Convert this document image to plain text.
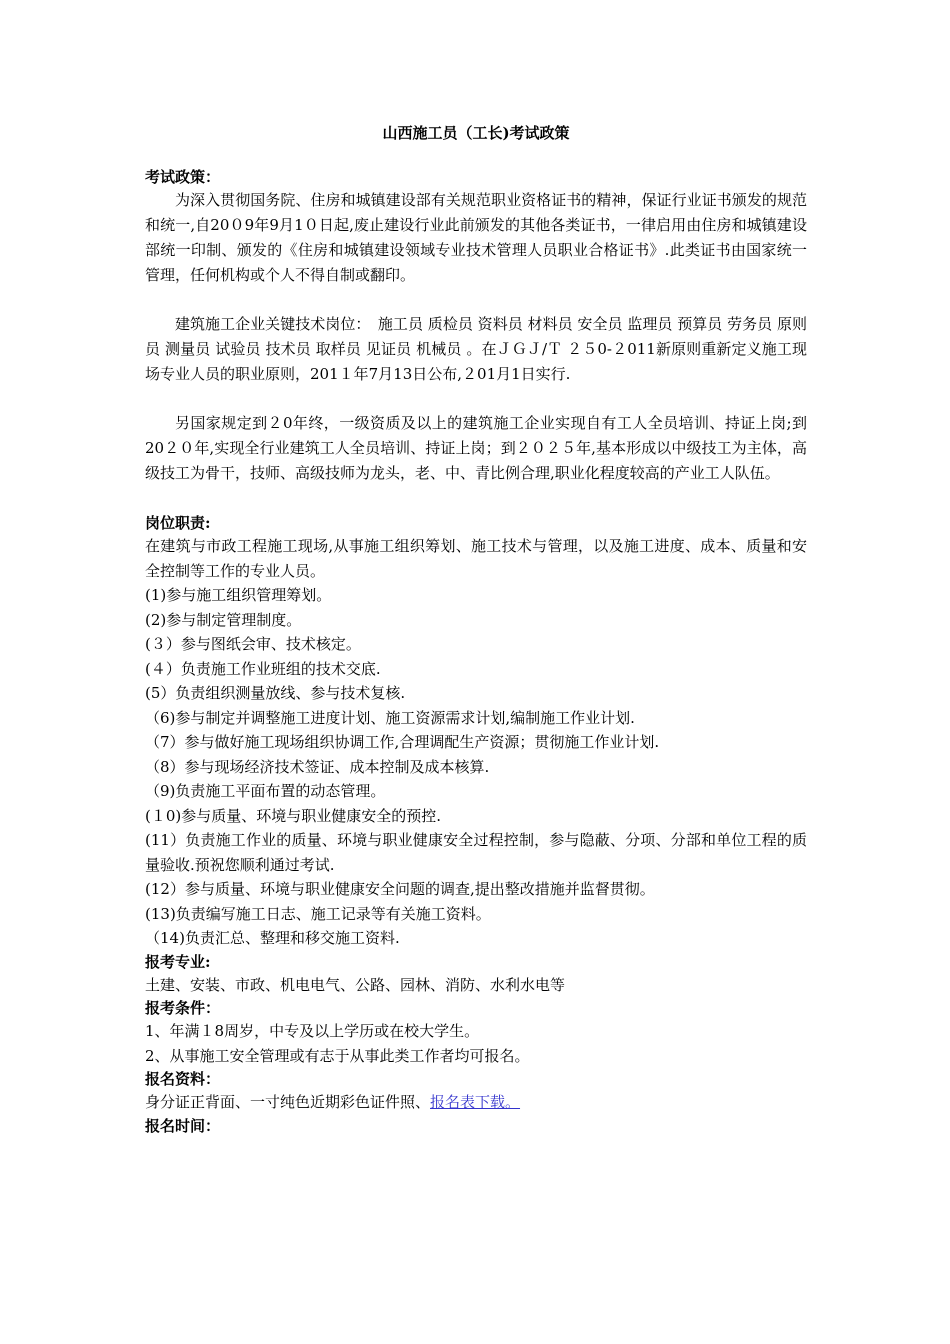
山西施工员（工长)考试政策
考试政策：

为深入贯彻国务院、住房和城镇建设部有关规范职业资格证书的精神，保证行业证书颁发的规范和统一,自20０9年9月1０日起,废止建设行业此前颁发的其他各类证书，一律启用由住房和城镇建设部统一印制、颁发的《住房和城镇建设领域专业技术管理人员职业合格证书》.此类证书由国家统一管理，任何机构或个人不得自制或翻印。

建筑施工企业关键技术岗位：　施工员 质检员 资料员 材料员 安全员 监理员 预算员 劳务员 原则员 测量员 试验员 技术员 取样员 见证员 机械员 。在ＪＧＪ/Ｔ ２５0-２011新原则重新定义施工现场专业人员的职业原则，201１年7月13日公布,２01月1日实行.

另国家规定到２0年终，一级资质及以上的建筑施工企业实现自有工人全员培训、持证上岗;到20２０年,实现全行业建筑工人全员培训、持证上岗；到２０２５年,基本形成以中级技工为主体，高级技工为骨干，技师、高级技师为龙头，老、中、青比例合理,职业化程度较高的产业工人队伍。

岗位职责:

在建筑与市政工程施工现场,从事施工组织筹划、施工技术与管理，以及施工进度、成本、质量和安全控制等工作的专业人员。

(1)参与施工组织管理筹划。

(2)参与制定管理制度。

(３）参与图纸会审、技术核定。

(４）负责施工作业班组的技术交底.

(5）负责组织测量放线、参与技术复核.

（6)参与制定并调整施工进度计划、施工资源需求计划,编制施工作业计划.

（7）参与做好施工现场组织协调工作,合理调配生产资源；贯彻施工作业计划.

（8）参与现场经济技术签证、成本控制及成本核算.

（9)负责施工平面布置的动态管理。

(１0)参与质量、环境与职业健康安全的预控.

(11）负责施工作业的质量、环境与职业健康安全过程控制，参与隐蔽、分项、分部和单位工程的质量验收.预祝您顺利通过考试.

(12）参与质量、环境与职业健康安全问题的调查,提出整改措施并监督贯彻。

(13)负责编写施工日志、施工记录等有关施工资料。

（14)负责汇总、整理和移交施工资料.

报考专业:

土建、安装、市政、机电电气、公路、园林、消防、水利水电等

报考条件：

1、年满１8周岁，中专及以上学历或在校大学生。

2、从事施工安全管理或有志于从事此类工作者均可报名。

报名资料：

身分证正背面、一寸纯色近期彩色证件照、报名表下载。

报名时间：
